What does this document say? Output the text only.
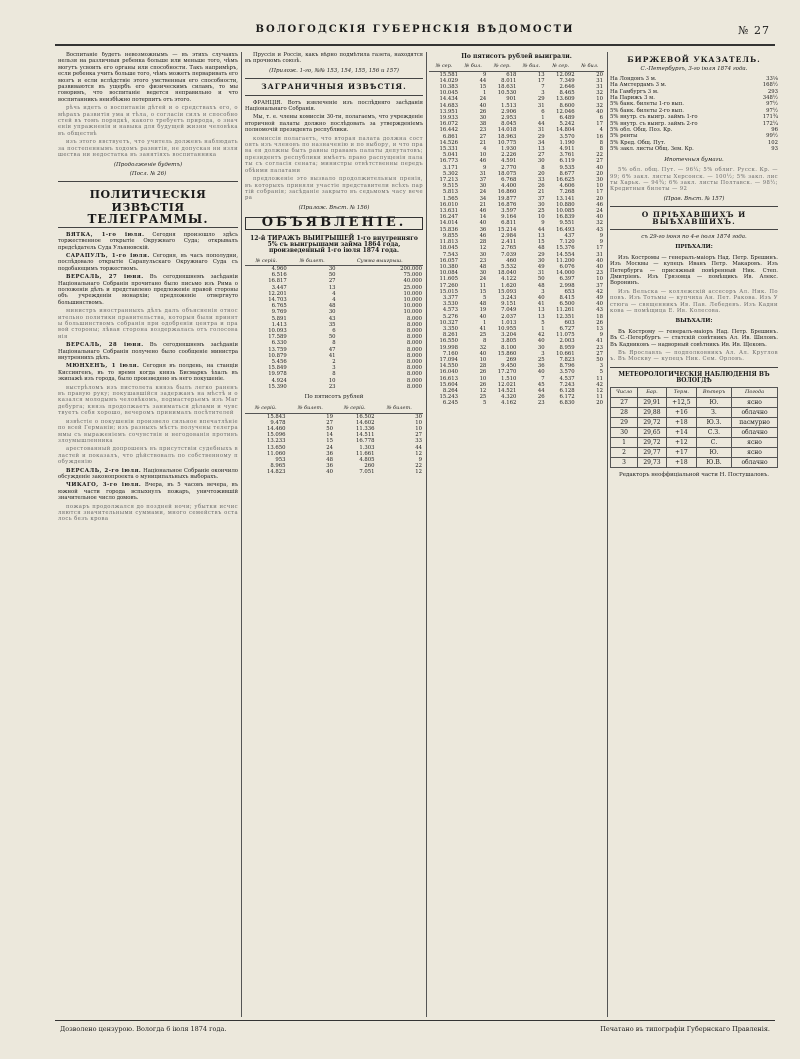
ВОЛОГОДСКІЯ ГУБЕРНСКІЯ ВѢДОМОСТИ	№ 27

Воспитаніе будетъ невозможнымъ — въ этихъ случаяхъ нельзя на различныя ребенка больше или меньше того, чѣмъ могутъ усвоить его органы или способности. Такъ напримѣръ, если ребенка учить больше того, чѣмъ можетъ перваривать его мозгъ и если вслѣдствіе этого умственныя его способности, развиваются въ ущербъ его физическимъ силамъ, то мы говоримъ, что воспитаніе ведется неправильно и что воспитанникъ неизбѣжно потерпитъ отъ этого.

рѣчь идетъ о воспитаніи дѣтей и о средствахъ его, о мѣрахъ развитія ума и тѣла, о согласіи силъ и способностей въ томъ порядкѣ, какого требуетъ природа, о значеніи упражненія и навыка для будущей жизни человѣка въ обществѣ

изъ этого явствуетъ, что учитель долженъ наблюдать за постепеннымъ ходомъ развитія, не допуская ни излишества ни недостатка въ занятіяхъ воспитанника

(Продолженіе будетъ)
(Посл. № 26)
ПОЛИТИЧЕСКІЯ ИЗВѢСТІЯ
ТЕЛЕГРАММЫ.

ВЯТКА, 1-го іюля. Сегодня произошло здѣсь торжественное открытіе Окружнаго Суда; открывалъ предсѣдатель Суда Ульяновскій.

САРАПУЛЪ, 1-го іюля. Сегодня, въ часъ пополудни, послѣдовало открытіе Сарапульскаго Окружнаго Суда съ подобающимъ торжествомъ.

ВЕРСАЛЬ, 27 іюня. Въ сегодняшнемъ засѣданіи Національнаго Собранія прочитано было письмо изъ Рима о положеніи дѣлъ и представлено предложеніе правой стороны объ учрежденіи монархіи; предложеніе отвергнуто большинствомъ.

министръ иностранныхъ дѣлъ далъ объясненія относительно политики правительства, которыя были приняты большинствомъ собранія при одобреніи центра и правой стороны; лѣвая сторона воздержалась отъ голосованія

ВЕРСАЛЬ, 28 іюня. Въ сегодняшнемъ засѣданіи Національнаго Собранія получено было сообщеніе министра внутреннихъ дѣлъ.

МЮНХЕНЪ, 1 іюля. Сегодня въ полдень, на станціи Киссингенъ, въ то время когда князь Бисмаркъ ѣхалъ въ экипажѣ изъ города, было произведено въ него покушеніе.

выстрѣломъ изъ пистолета князь былъ легко раненъ въ правую руку; покушавшійся задержанъ на мѣстѣ и оказался молодымъ человѣкомъ, подмастерьемъ изъ Магдебурга; князь продолжаетъ заниматься дѣлами и чувствуетъ себя хорошо, вечеромъ принималъ посѣтителей

извѣстіе о покушеніи произвело сильное впечатлѣніе по всей Германіи; изъ разныхъ мѣстъ получены телеграммы съ выраженіемъ сочувствія и негодованія противъ злоумышленника

арестованный допрошенъ въ присутствіи судебныхъ властей и показалъ, что дѣйствовалъ по собственному побужденію

ВЕРСАЛЬ, 2-го іюля. Національное Собраніе окончило обсужденіе законопроекта о муниципальныхъ выборахъ.

ЧИКАГО, 3-го іюля. Вчера, въ 5 часовъ вечера, въ южной части города вспыхнулъ пожаръ, уничтожившій значительное число домовъ.

пожаръ продолжался до поздней ночи; убытки исчисляются значительными суммами, много семействъ осталось безъ крова

Пруссія и Россія, какъ вѣрно подмѣтила газета, находятся въ прочномъ союзѣ.

(Прилож. 1-го, №№ 153, 154, 155, 156 и 157)
ЗАГРАНИЧНЫЯ ИЗВѢСТІЯ.

ФРАНЦІЯ. Вотъ извлеченіе изъ послѣдняго засѣданія Національнаго Собранія.

Мы, т. е. члены комиссіи 30-ти, полагаемъ, что учрежденіе вторичной палаты должно послѣдовать за утвержденіемъ полномочій президента республики.

комиссія полагаетъ, что вторая палата должна состоять изъ членовъ по назначенію и по выбору, и что права ея должны быть равны правамъ палаты депутатовъ; президентъ республики имѣетъ право распущенія палаты съ согласія сената; министры отвѣтственны передъ обѣими палатами

предложеніе это вызвало продолжительныя пренія, въ которыхъ приняли участіе представители всѣхъ партій собранія; засѣданіе закрыто въ седьмомъ часу вечера

(Прилож. Вѣст. № 156)
ОБЪЯВЛЕНІЕ.
12-й ТИРАЖЪ ВЫИГРЫШЕЙ 1-го внутренняго 5% съ выигрышами займа 1864 года, произведенный 1-го іюля 1874 года.
№ серій.	№ билет.	Сумма выигрыш.
4.960	30	200.000
6.516	50	75.000
16.817	27	40.000
3.447	13	25.000
12.201	4	10.000
14.703	4	10.000
6.765	48	10.000
9.769	30	10.000
5.891	43	8.000
1.413	35	8.000
10.093	6	8.000
17.589	50	8.000
6.330	8	8.000
13.759	47	8.000
10.879	41	8.000
5.456	2	8.000
15.849	3	8.000
19.978	8	8.000
4.924	10	8.000
15.390	23	8.000
По пятисотъ рублей
№ серій.	№ билет.	№ серій.	№ билет.
15.843	19	16.502	30
9.478	27	14.602	10
14.460	50	11.336	10
15.096	14	14.511	27
13.233	15	16.778	33
13.650	24	1.303	44
11.060	36	11.661	12
953	48	4.805	9
8.965	36	260	22
14.823	40	7.051	12
По пятисотъ рублей выиграли.
№ сер.	№ бил.	№ сер.	№ бил.	№ сер.	№ бил.
15.581	9	618	13	12.092	20
14.029	44	8.011	17	7.349	31
10.383	15	18.631	7	2.646	31
10.045	1	10.530	3	8.465	32
14.434	24	901	29	13.609	10
14.683	40	1.513	31	8.600	32
13.951	26	2.906	6	12.046	40
19.933	30	2.953	1	6.489	6
16.072	38	8.045	44	5.242	17
16.442	23	14.018	31	14.804	4
6.861	27	18.963	29	3.570	16
14.526	21	10.775	34	1.190	8
15.331	4	1.930	13	4.911	8
5.041	10	2.226	27	3.761	22
16.773	46	4.591	30	6.119	27
3.171	9	2.770	8	9.535	40
5.302	31	18.075	20	8.677	20
17.213	37	6.768	33	16.625	30
9.515	30	4.400	26	4.606	10
5.813	24	16.860	21	7.268	17
1.565	34	19.877	37	13.141	20
16.010	21	16.876	30	10.880	46
13.631	46	3.597	25	10.085	24
16.247	14	9.164	10	16.839	40
14.014	40	6.811	9	9.551	32
15.836	36	15.214	44	16.493	43
9.855	46	2.984	13	437	9
11.813	28	2.411	15	7.120	9
18.045	12	2.765	48	15.376	17
7.543	30	7.039	29	14.554	31
16.057	23	460	30	11.200	40
10.380	48	5.532	49	6.076	40
10.084	30	18.040	31	14.000	23
11.605	24	4.122	50	6.397	10
17.260	11	1.620	48	2.998	37
15.015	15	15.093	3	653	42
3.377	5	3.243	40	8.415	49
3.530	48	9.151	41	6.500	40
4.573	19	7.049	13	11.261	43
5.276	40	2.037	13	12.351	18
10.327	1	1.013	5	603	26
3.350	41	10.955	1	6.727	13
8.261	25	3.204	42	11.075	9
16.550	8	3.805	40	2.003	41
19.998	32	8.100	30	8.959	23
7.160	40	15.860	3	10.661	27
17.094	10	269	25	7.823	50
14.550	28	9.450	36	8.796	3
16.040	26	17.270	40	3.570	5
16.613	10	1.510	7	4.537	11
15.604	26	12.021	45	7.243	42
8.264	12	14.521	44	6.128	12
15.243	25	4.320	26	6.172	11
6.245	5	4.162	23	6.830	20
БИРЖЕВОЙ УКАЗАТЕЛЬ.
С.-Петербургъ, 3-го іюля 1874 года.
На Лондонъ 3 м.	33⅛
На Амстердамъ 3 м.	168½
На Гамбургъ 3 м.	293
На Парижъ 3 м.	348½
5% банк. билеты 1-го вып.	97½
5% банк. билеты 2-го вып.	97½
5% внутр. съ выигр. займъ 1-го	171¾
5% внутр. съ выигр. займъ 2-го	172¼
5% обл. Общ. Поз. Кр.	96
5% ренты	99½
5% Кред. Общ. Пут.	102
5% закл. листы Общ. Зем. Кр.	93
Ипотечныя бумаги.

5% обл. общ. Пут. — 96¼; 5% облиг. Русск. Кр. — 99; 6% закл. листы Херсонск. — 100½; 5% закл. листы Харьк. — 94¾; 6% закл. листы Полтавск. — 98½; Кредитныя билеты — 92

(Прав. Вѣст. № 157)
О ПРІѢХАВШИХЪ И ВЫѢХАВШИХЪ.
съ 29-го іюня по 4-е іюля 1874 года.
ПРІѢХАЛИ:

Изъ Костромы — генералъ-маіоръ Над. Петр. Брешинъ. Изъ Москвы — купецъ Иванъ Петр. Макаровъ. Изъ Петербурга — присяжный повѣренный Ник. Степ. Дмитріевъ. Изъ Грязовца — помѣщикъ Ив. Алекс. Воронинъ.

Изъ Вельска — коллежскій ассесоръ Ал. Ник. Поповъ. Изъ Тотьмы — купчиха Ан. Пет. Ракова. Изъ Устюга — священникъ Ив. Пав. Лебедевъ. Изъ Кадникова — помѣщица Е. Ив. Колесова.

ВЫѢХАЛИ:

Въ Кострому — генералъ-маіоръ Над. Петр. Брешинъ. Въ С.-Петербургъ — статскій совѣтникъ Ал. Ив. Шиловъ. Въ Кадниковъ — надворный совѣтникъ Ив. Ив. Щековъ.

Въ Ярославль — подполковникъ Ал. Ал. Кругловъ. Въ Москву — купецъ Ник. Сем. Орловъ.

МЕТЕОРОЛОГИЧЕСКІЯ НАБЛЮДЕНІЯ ВЪ ВОЛОГДѢ
Число	Бар.	Терм.	Вѣтеръ	Погода
27	29,91	+12,5	Ю.	ясно
28	29,88	+16	З.	облачно
29	29,72	+18	Ю.З.	пасмурно
30	29,65	+14	С.З.	облачно
1	29,72	+12	С.	ясно
2	29,77	+17	Ю.	ясно
3	29,73	+18	Ю.В.	облачно
Редакторъ неоффиціальной части Н. Постушаловъ.
Дозволено цензурою. Вологда 6 іюля 1874 года.	Печатано въ типографіи Губернскаго Правленія.
